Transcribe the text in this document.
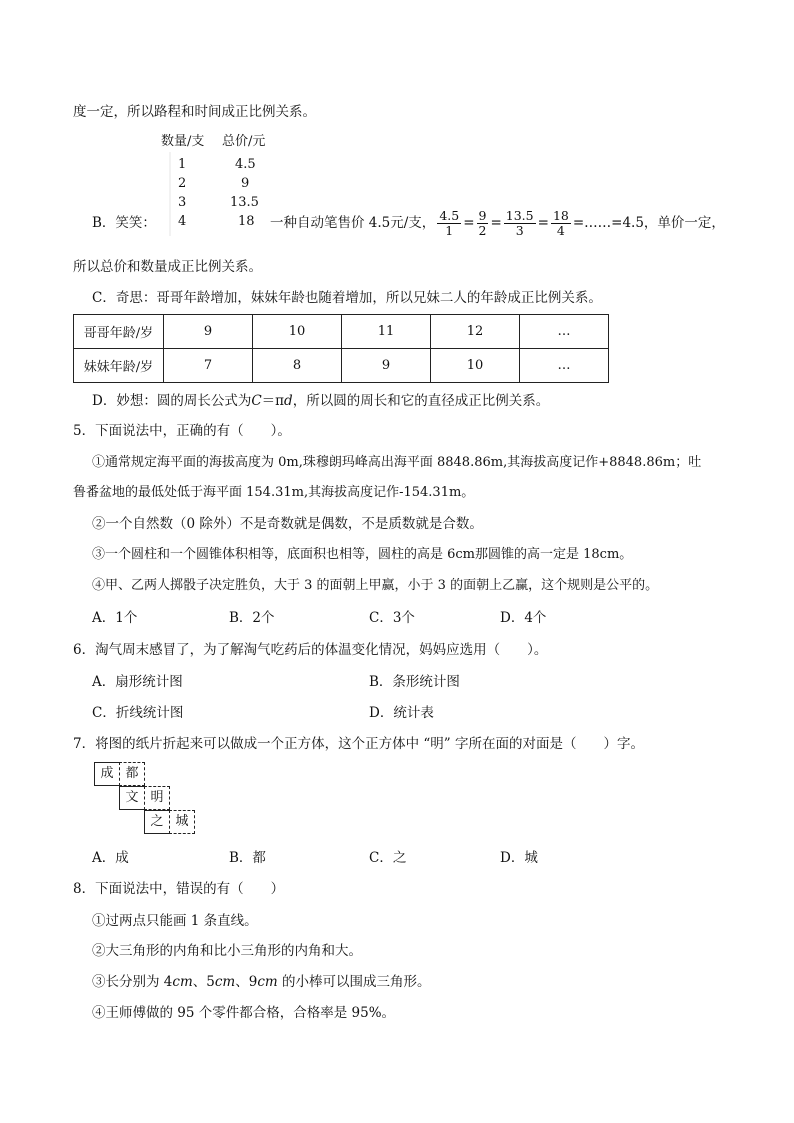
度一定，所以路程和时间成正比例关系。
数量/支 总价/元
1	4.5
2	9
3	13.5
4	18
B．笑笑：	一种自动笔售价 4.5元/支， $\frac{4.5}{1} = \frac{9}{2} = \frac{13.5}{3} = \frac{18}{4}$ =……=4.5，单价一定，
所以总价和数量成正比例关系。
C．奇思：哥哥年龄增加，妹妹年龄也随着增加，所以兄妹二人的年龄成正比例关系。
哥哥年龄/岁	9	10	11	12	…
妹妹年龄/岁	7	8	9	10	…
D．妙想：圆的周长公式为C＝πd，所以圆的周长和它的直径成正比例关系。
5．下面说法中，正确的有（　　）。
①通常规定海平面的海拔高度为 0m,珠穆朗玛峰高出海平面 8848.86m,其海拔高度记作+8848.86m；吐
鲁番盆地的最低处低于海平面 154.31m,其海拔高度记作-154.31m。
②一个自然数（0 除外）不是奇数就是偶数，不是质数就是合数。
③一个圆柱和一个圆锥体积相等，底面积也相等，圆柱的高是 6cm那圆锥的高一定是 18cm。
④甲、乙两人掷骰子决定胜负，大于 3 的面朝上甲赢，小于 3 的面朝上乙赢，这个规则是公平的。
A．1个	B．2个	C．3个	D．4个
6．淘气周末感冒了，为了解淘气吃药后的体温变化情况，妈妈应选用（　　）。
A．扇形统计图	B．条形统计图
C．折线统计图	D．统计表
7．将图的纸片折起来可以做成一个正方体，这个正方体中 “明” 字所在面的对面是（　　）字。
成 都
文 明
之 城
A．成	B．都	C．之	D．城
8．下面说法中，错误的有（　　）
①过两点只能画 1 条直线。
②大三角形的内角和比小三角形的内角和大。
③长分别为 4cm、5cm、9cm 的小棒可以围成三角形。
④王师傅做的 95 个零件都合格，合格率是 95%。
